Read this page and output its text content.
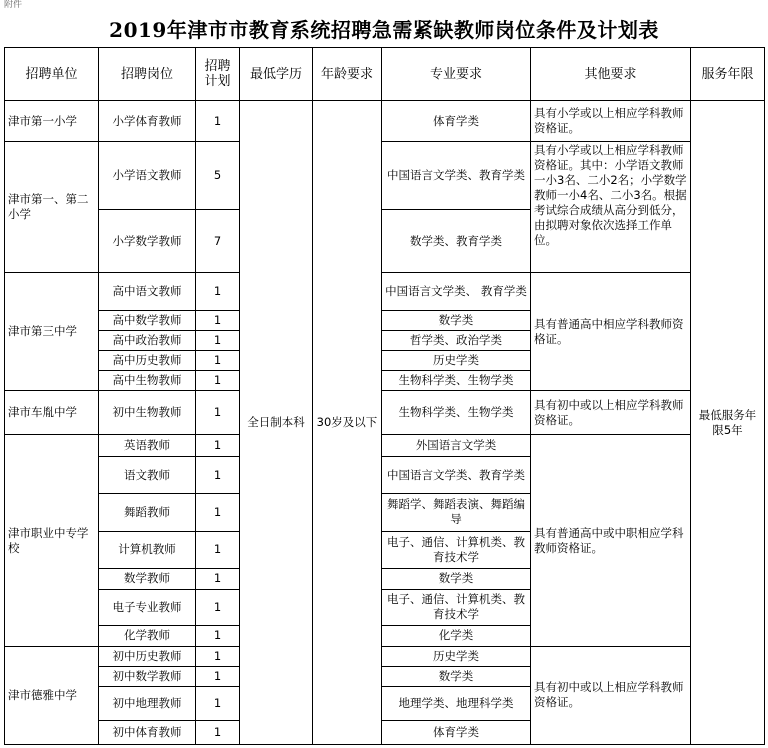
附件
2019年津市市教育系统招聘急需紧缺教师岗位条件及计划表
招聘单位	招聘岗位	招聘计划	最低学历	年龄要求	专业要求	其他要求	服务年限
津市第一小学	小学体育教师	1	全日制本科	30岁及以下	体育学类	具有小学或以上相应学科教师资格证。	最低服务年限5年
津市第一、第二小学	小学语文教师	5			中国语言文学类、教育学类	具有小学或以上相应学科教师资格证。其中：小学语文教师一小3名、二小2名；小学数学教师一小4名、二小3名。根据考试综合成绩从高分到低分，由拟聘对象依次选择工作单位。	
	小学数学教师	7			数学类、教育学类		
津市第三中学	高中语文教师	1			中国语言文学类、 教育学类	具有普通高中相应学科教师资格证。	
	高中数学教师	1			数学类		
	高中政治教师	1			哲学类、政治学类		
	高中历史教师	1			历史学类		
	高中生物教师	1			生物科学类、生物学类		
津市车胤中学	初中生物教师	1			生物科学类、生物学类	具有初中或以上相应学科教师资格证。	
津市职业中专学校	英语教师	1			外国语言文学类	具有普通高中或中职相应学科教师资格证。	
	语文教师	1			中国语言文学类、教育学类		
	舞蹈教师	1			舞蹈学、舞蹈表演、舞蹈编导		
	计算机教师	1			电子、通信、计算机类、教育技术学		
	数学教师	1			数学类		
	电子专业教师	1			电子、通信、计算机类、教育技术学		
	化学教师	1			化学类		
津市德雅中学	初中历史教师	1			历史学类	具有初中或以上相应学科教师资格证。	
	初中数学教师	1			数学类		
	初中地理教师	1			地理学类、地理科学类		
	初中体育教师	1			体育学类		
